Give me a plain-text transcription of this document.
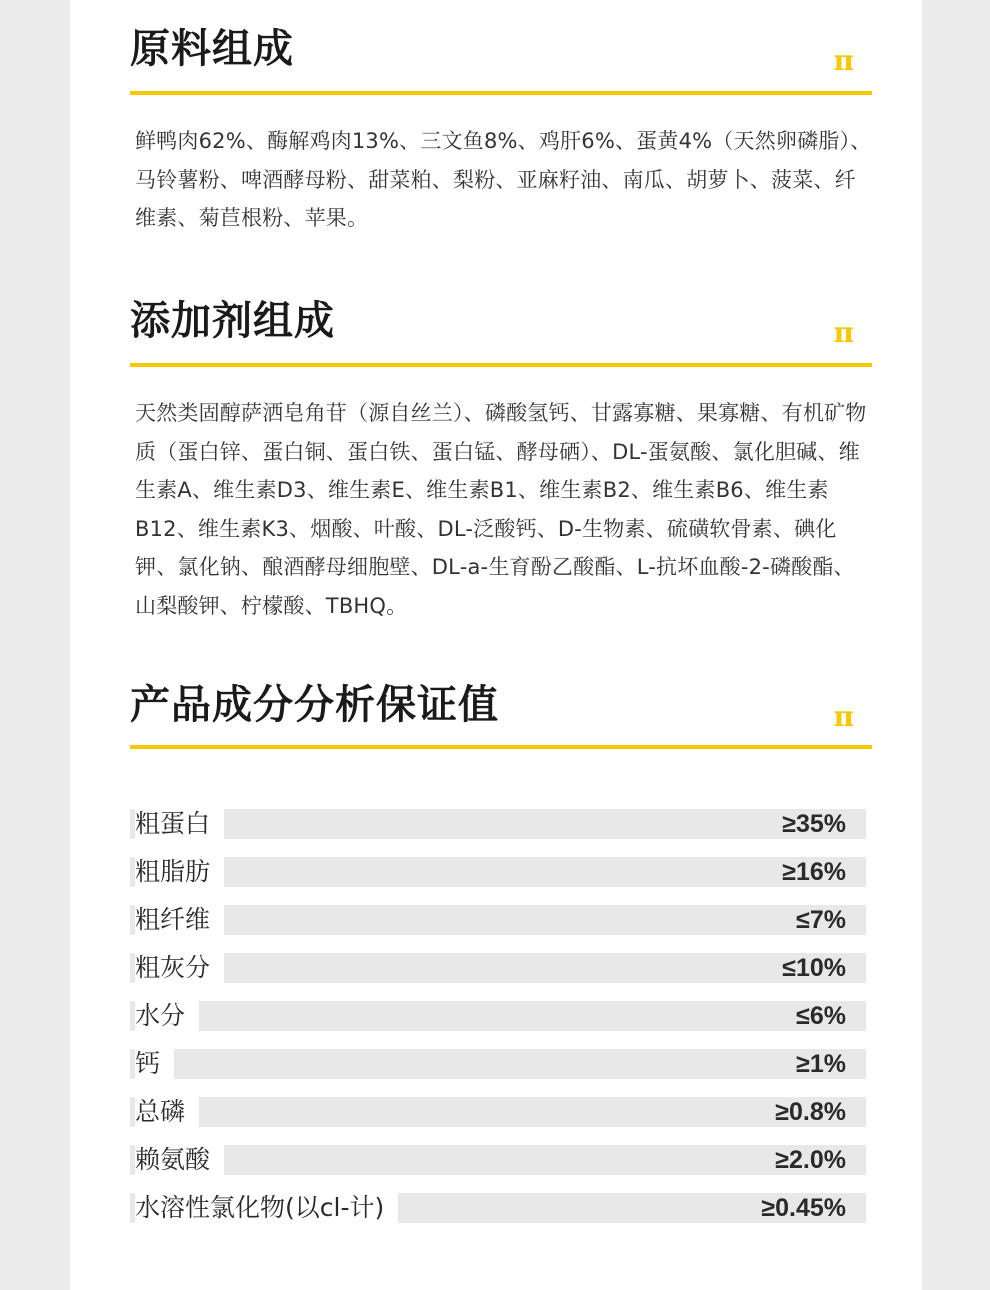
原料组成	π

鲜鸭肉62%、酶解鸡肉13%、三文鱼8%、鸡肝6%、蛋黄4%（天然卵磷脂）、马铃薯粉、啤酒酵母粉、甜菜粕、梨粉、亚麻籽油、南瓜、胡萝卜、菠菜、纤维素、菊苣根粉、苹果。

添加剂组成	π

天然类固醇萨洒皂角苷（源自丝兰）、磷酸氢钙、甘露寡糖、果寡糖、有机矿物质（蛋白锌、蛋白铜、蛋白铁、蛋白锰、酵母硒）、DL-蛋氨酸、氯化胆碱、维生素A、维生素D3、维生素E、维生素B1、维生素B2、维生素B6、维生素B12、维生素K3、烟酸、叶酸、DL-泛酸钙、D-生物素、硫磺软骨素、碘化钾、氯化钠、酿酒酵母细胞壁、DL-a-生育酚乙酸酯、L-抗坏血酸-2-磷酸酯、山梨酸钾、柠檬酸、TBHQ。

产品成分分析保证值	π
粗蛋白	≥35%
粗脂肪	≥16%
粗纤维	≤7%
粗灰分	≤10%
水分	≤6%
钙	≥1%
总磷	≥0.8%
赖氨酸	≥2.0%
水溶性氯化物(以cl-计)	≥0.45%
